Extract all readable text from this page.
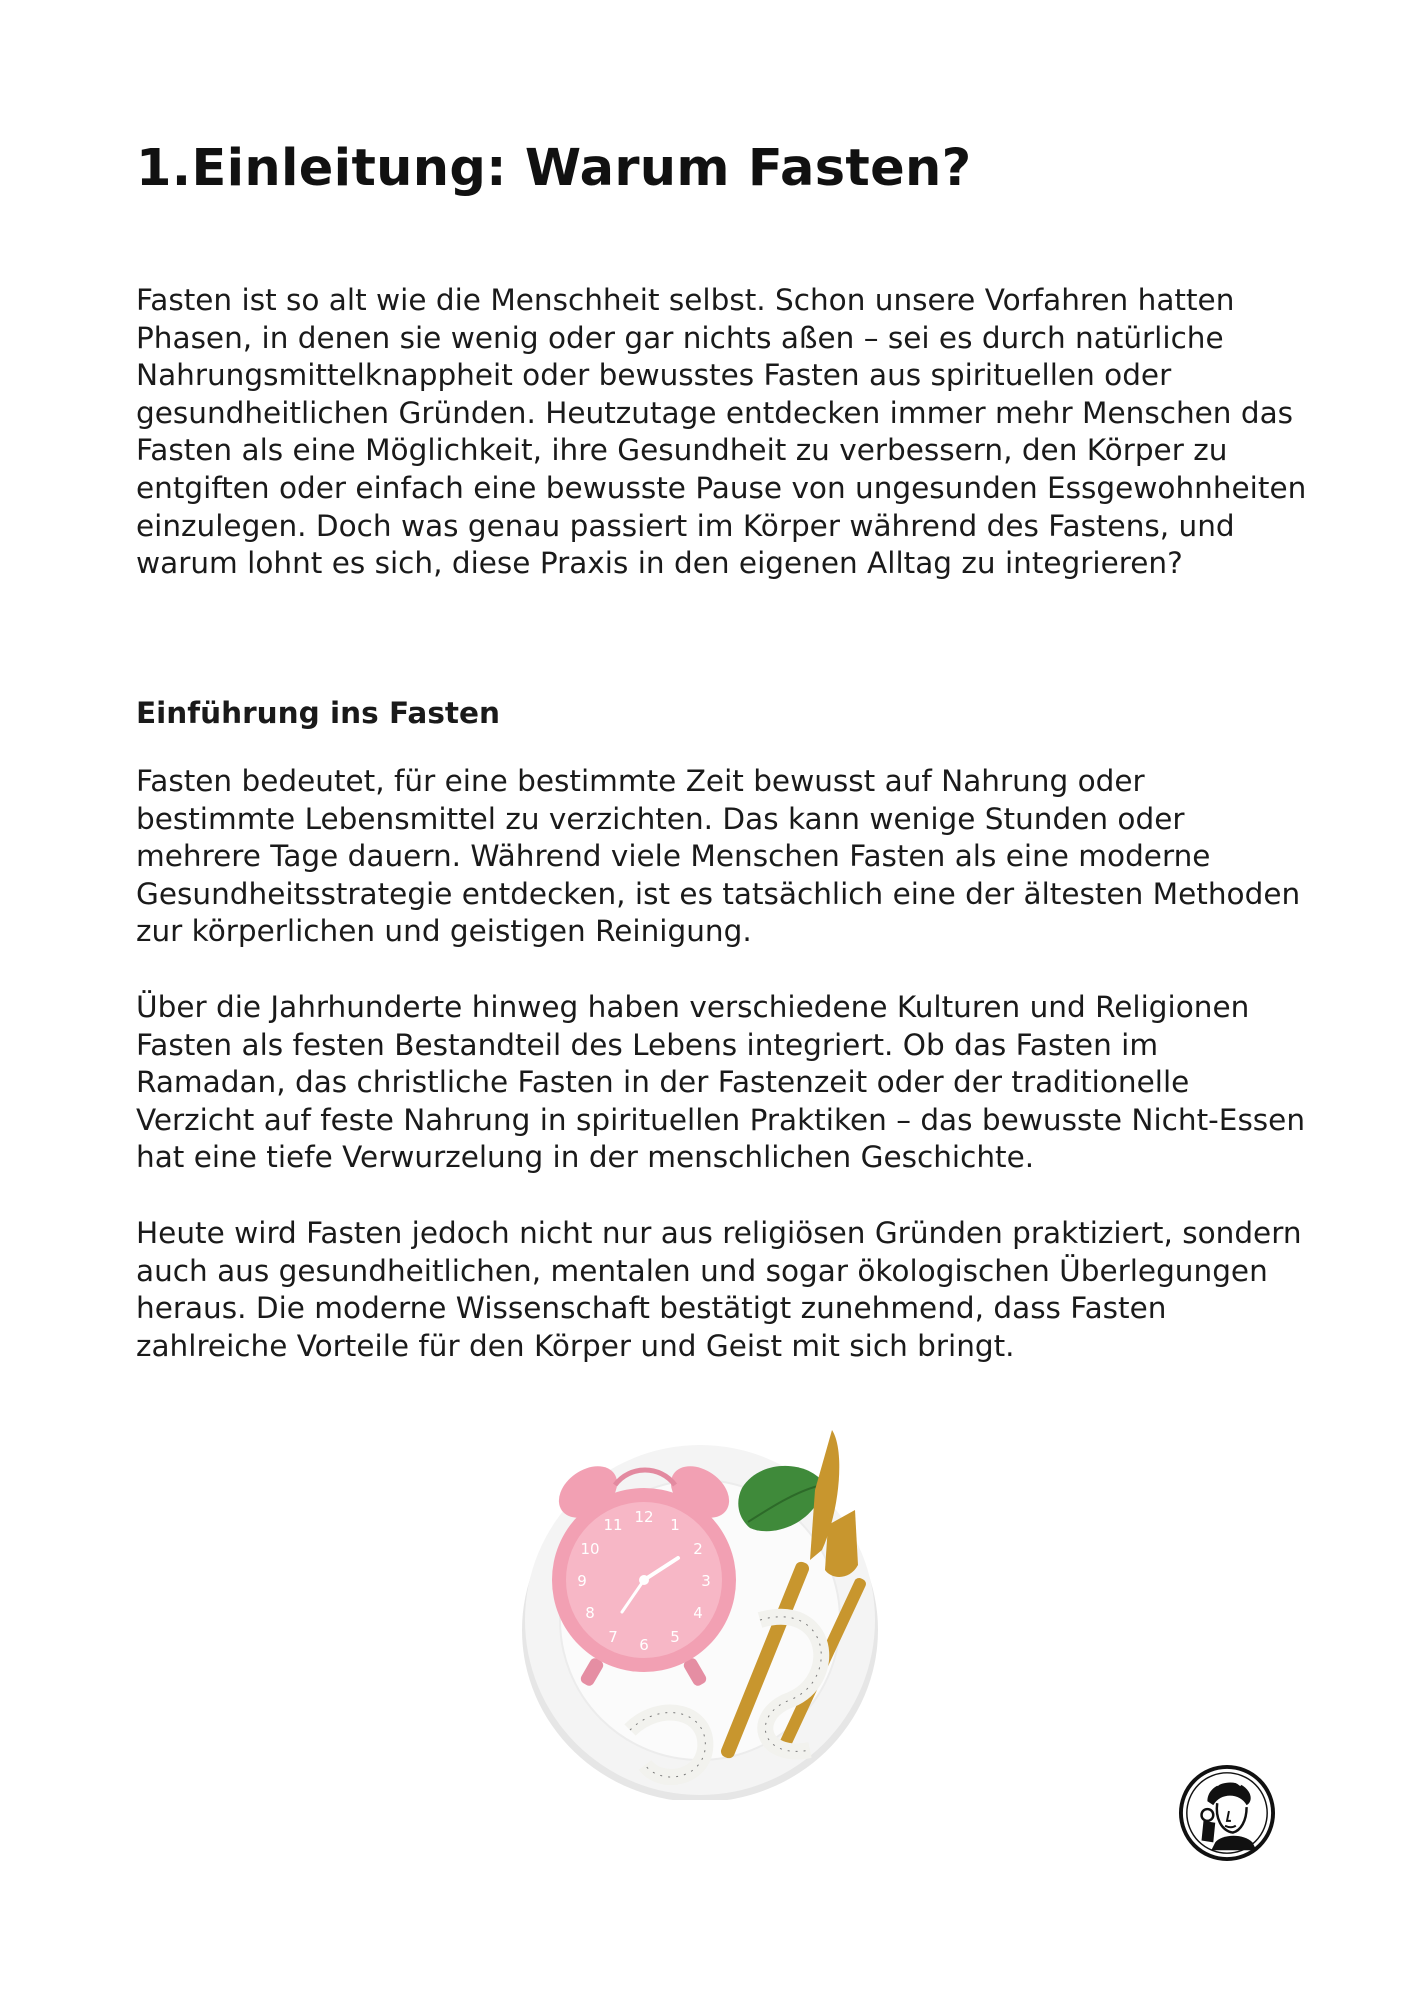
1.Einleitung: Warum Fasten?

Fasten ist so alt wie die Menschheit selbst. Schon unsere Vorfahren hatten Phasen, in denen sie wenig oder gar nichts aßen – sei es durch natürliche Nahrungsmittelknappheit oder bewusstes Fasten aus spirituellen oder gesundheitlichen Gründen. Heutzutage entdecken immer mehr Menschen das Fasten als eine Möglichkeit, ihre Gesundheit zu verbessern, den Körper zu entgiften oder einfach eine bewusste Pause von ungesunden Essgewohnheiten einzulegen. Doch was genau passiert im Körper während des Fastens, und warum lohnt es sich, diese Praxis in den eigenen Alltag zu integrieren?

Einführung ins Fasten

Fasten bedeutet, für eine bestimmte Zeit bewusst auf Nahrung oder bestimmte Lebensmittel zu verzichten. Das kann wenige Stunden oder mehrere Tage dauern. Während viele Menschen Fasten als eine moderne Gesundheitsstrategie entdecken, ist es tatsächlich eine der ältesten Methoden zur körperlichen und geistigen Reinigung.

Über die Jahrhunderte hinweg haben verschiedene Kulturen und Religionen Fasten als festen Bestandteil des Lebens integriert. Ob das Fasten im Ramadan, das christliche Fasten in der Fastenzeit oder der traditionelle Verzicht auf feste Nahrung in spirituellen Praktiken – das bewusste Nicht-Essen hat eine tiefe Verwurzelung in der menschlichen Geschichte.

Heute wird Fasten jedoch nicht nur aus religiösen Gründen praktiziert, sondern auch aus gesundheitlichen, mentalen und sogar ökologischen Überlegungen heraus. Die moderne Wissenschaft bestätigt zunehmend, dass Fasten zahlreiche Vorteile für den Körper und Geist mit sich bringt.

12 1
2
3
4
5
6
7
8
9
10
11
